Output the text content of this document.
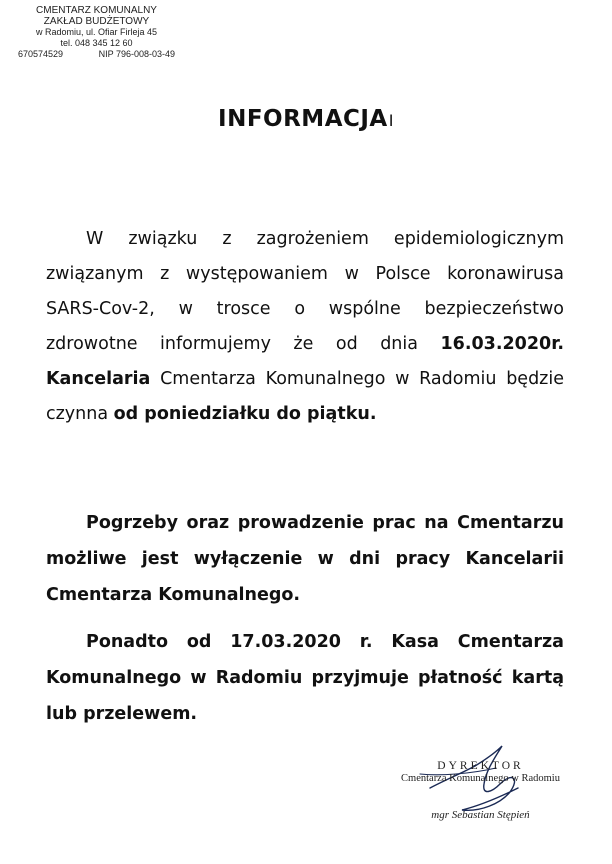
CMENTARZ KOMUNALNY
ZAKŁAD BUDŻETOWY
w Radomiu, ul. Ofiar Firleja 45
tel. 048 345 12 60
670574529	NIP 796-008-03-49
INFORMACJAI
W związku z zagrożeniem epidemiologicznym
związanym z występowaniem w Polsce koronawirusa
SARS-Cov-2, w trosce o wspólne bezpieczeństwo
zdrowotne informujemy że od dnia 16.03.2020r.
Kancelaria Cmentarza Komunalnego w Radomiu będzie
czynna od poniedziałku do piątku.
Pogrzeby oraz prowadzenie prac na Cmentarzu
możliwe jest wyłączenie w dni pracy Kancelarii
Cmentarza Komunalnego.
Ponadto od 17.03.2020 r. Kasa Cmentarza
Komunalnego w Radomiu przyjmuje płatność kartą
lub przelewem.
DYREKTOR
Cmentarza Komunalnego w Radomiu
mgr Sebastian Stępień
